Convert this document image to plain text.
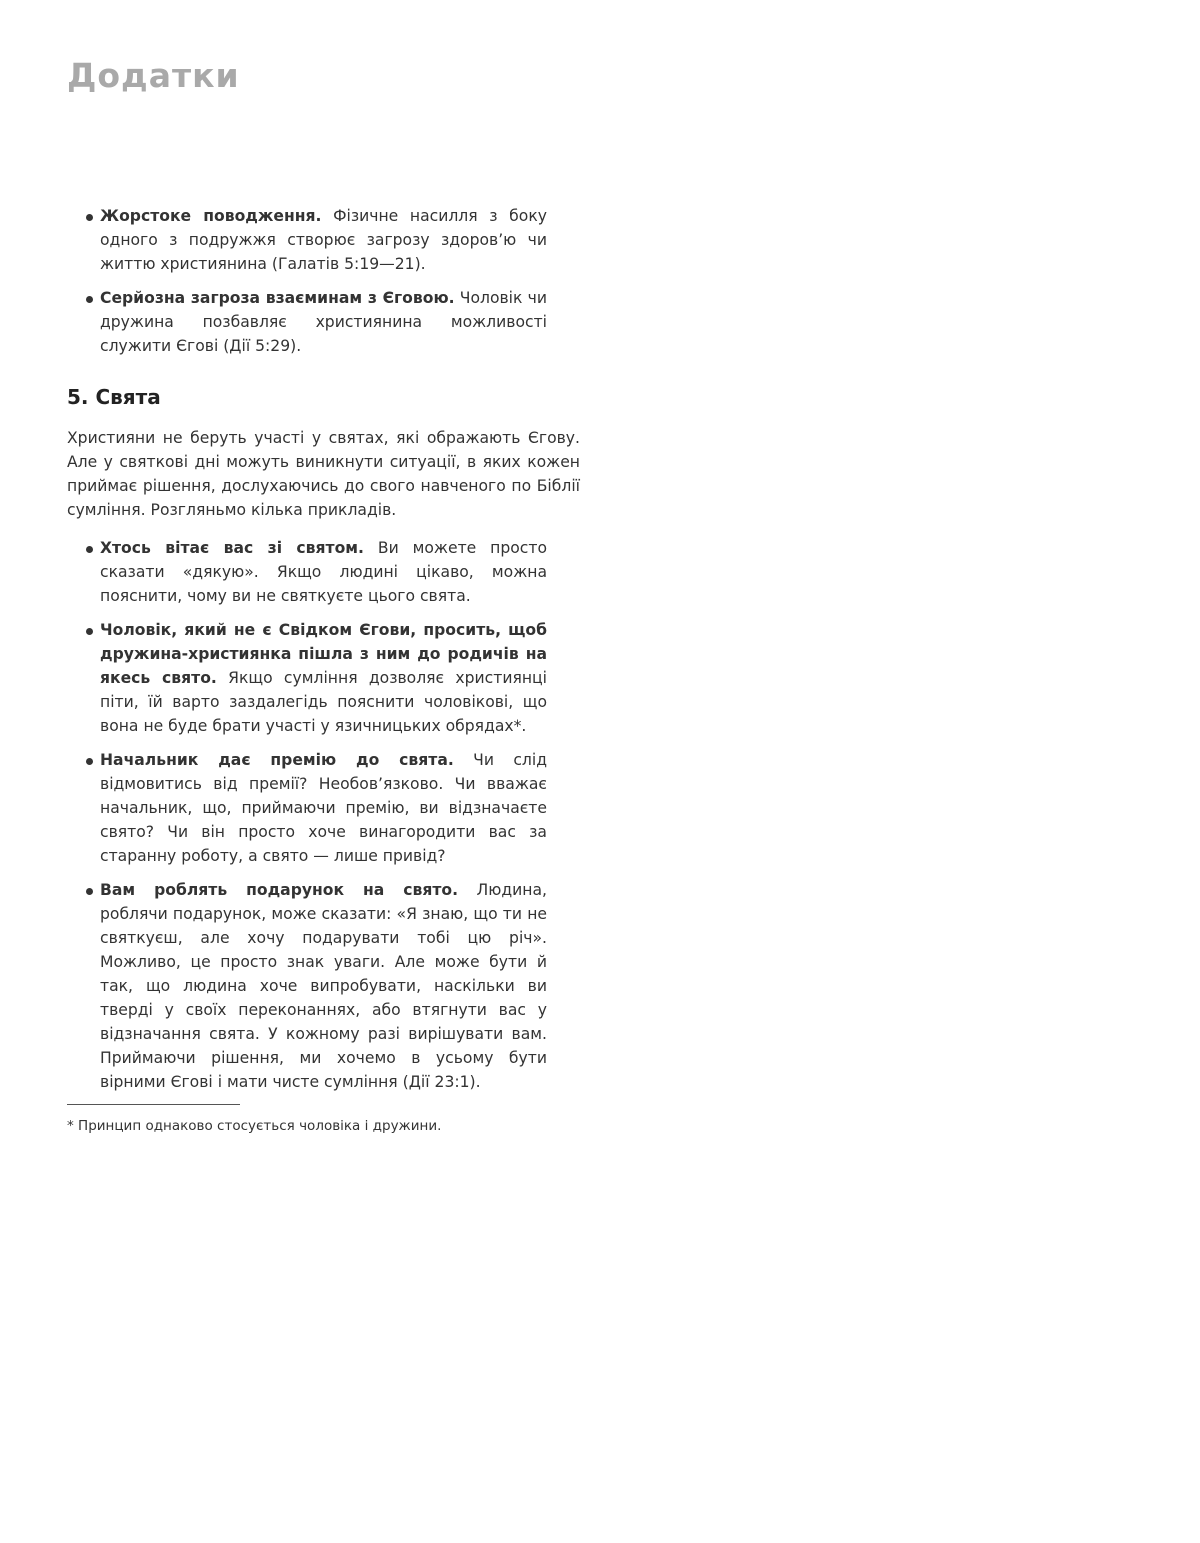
Додатки
Жорстоке поводження. Фізичне насилля з боку одного з подружжя створює загрозу здоров’ю чи життю християнина (Галатів 5:19—21).
Серйозна загроза взаєминам з Єговою. Чоловік чи дружина позбавляє християнина можливості служити Єгові (Дії 5:29).
5. Свята

Християни не беруть участі у святах, які ображають Єгову. Але у святкові дні можуть виникнути ситуації, в яких кожен приймає рішення, дослухаючись до свого навченого по Біблії сумління. Розгляньмо кілька прикладів.

Хтось вітає вас зі святом. Ви можете просто сказати «дякую». Якщо людині цікаво, можна пояснити, чому ви не святкуєте цього свята.
Чоловік, який не є Свідком Єгови, просить, щоб дружина-християнка пішла з ним до родичів на якесь свято. Якщо сумління дозволяє християнці піти, їй варто заздалегідь пояснити чоловікові, що вона не буде брати участі у язичницьких обрядах*.
Начальник дає премію до свята. Чи слід відмовитись від премії? Необов’язково. Чи вважає начальник, що, приймаючи премію, ви відзначаєте свято? Чи він просто хоче винагородити вас за старанну роботу, а свято — лише привід?
Вам роблять подарунок на свято. Людина, роблячи подарунок, може сказати: «Я знаю, що ти не святкуєш, але хочу подарувати тобі цю річ». Можливо, це просто знак уваги. Але може бути й так, що людина хоче випробувати, наскільки ви тверді у своїх переконаннях, або втягнути вас у відзначання свята. У кожному разі вирішувати вам. Приймаючи рішення, ми хочемо в усьому бути вірними Єгові і мати чисте сумління (Дії 23:1).
* Принцип однаково стосується чоловіка і дружини.
